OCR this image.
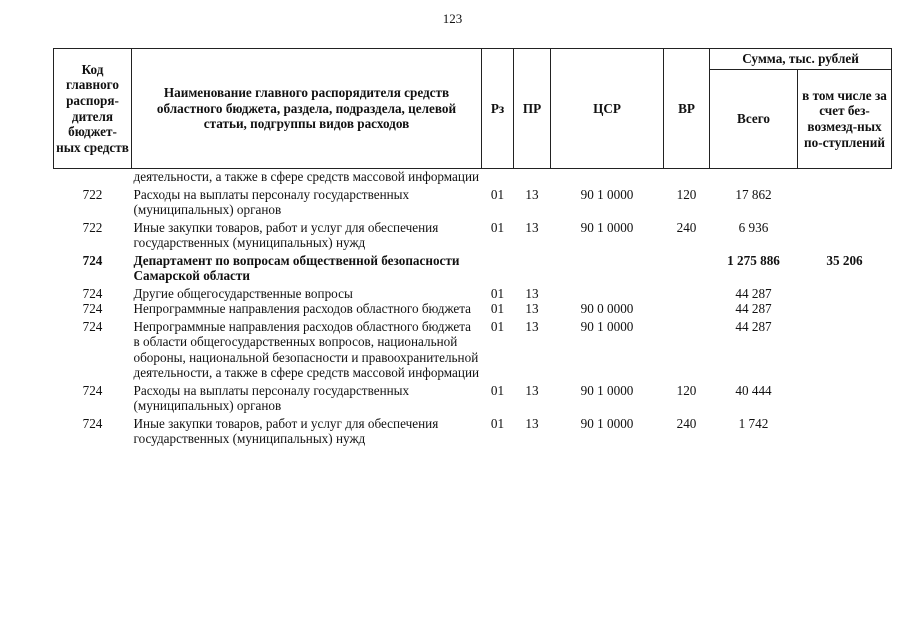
123
Код главного распоря-дителя бюджет-ных средств	Наименование главного распорядителя средств областного бюджета, раздела, подраздела, целевой статьи, подгруппы видов расходов	Рз	ПР	ЦСР	ВР	Сумма, тыс. рублей	
						Всего	в том числе за счет без-возмезд-ных по-ступлений
	деятельности, а также в сфере средств массовой информации						
722	Расходы на выплаты персоналу государственных (муниципальных) органов	01	13	90 1 0000	120	17 862	
722	Иные закупки товаров, работ и услуг для обеспечения государственных (муниципальных) нужд	01	13	90 1 0000	240	6 936	
724	Департамент по вопросам общественной безопасности Самарской области					1 275 886	35 206
724	Другие общегосударственные вопросы	01	13			44 287	
724	Непрограммные направления расходов областного бюджета	01	13	90 0 0000		44 287	
724	Непрограммные направления расходов областного бюджета в области общегосударственных вопросов, национальной обороны, национальной безопасности и правоохранительной деятельности, а также в сфере средств массовой информации	01	13	90 1 0000		44 287	
724	Расходы на выплаты персоналу государственных (муниципальных) органов	01	13	90 1 0000	120	40 444	
724	Иные закупки товаров, работ и услуг для обеспечения государственных (муниципальных) нужд	01	13	90 1 0000	240	1 742	
